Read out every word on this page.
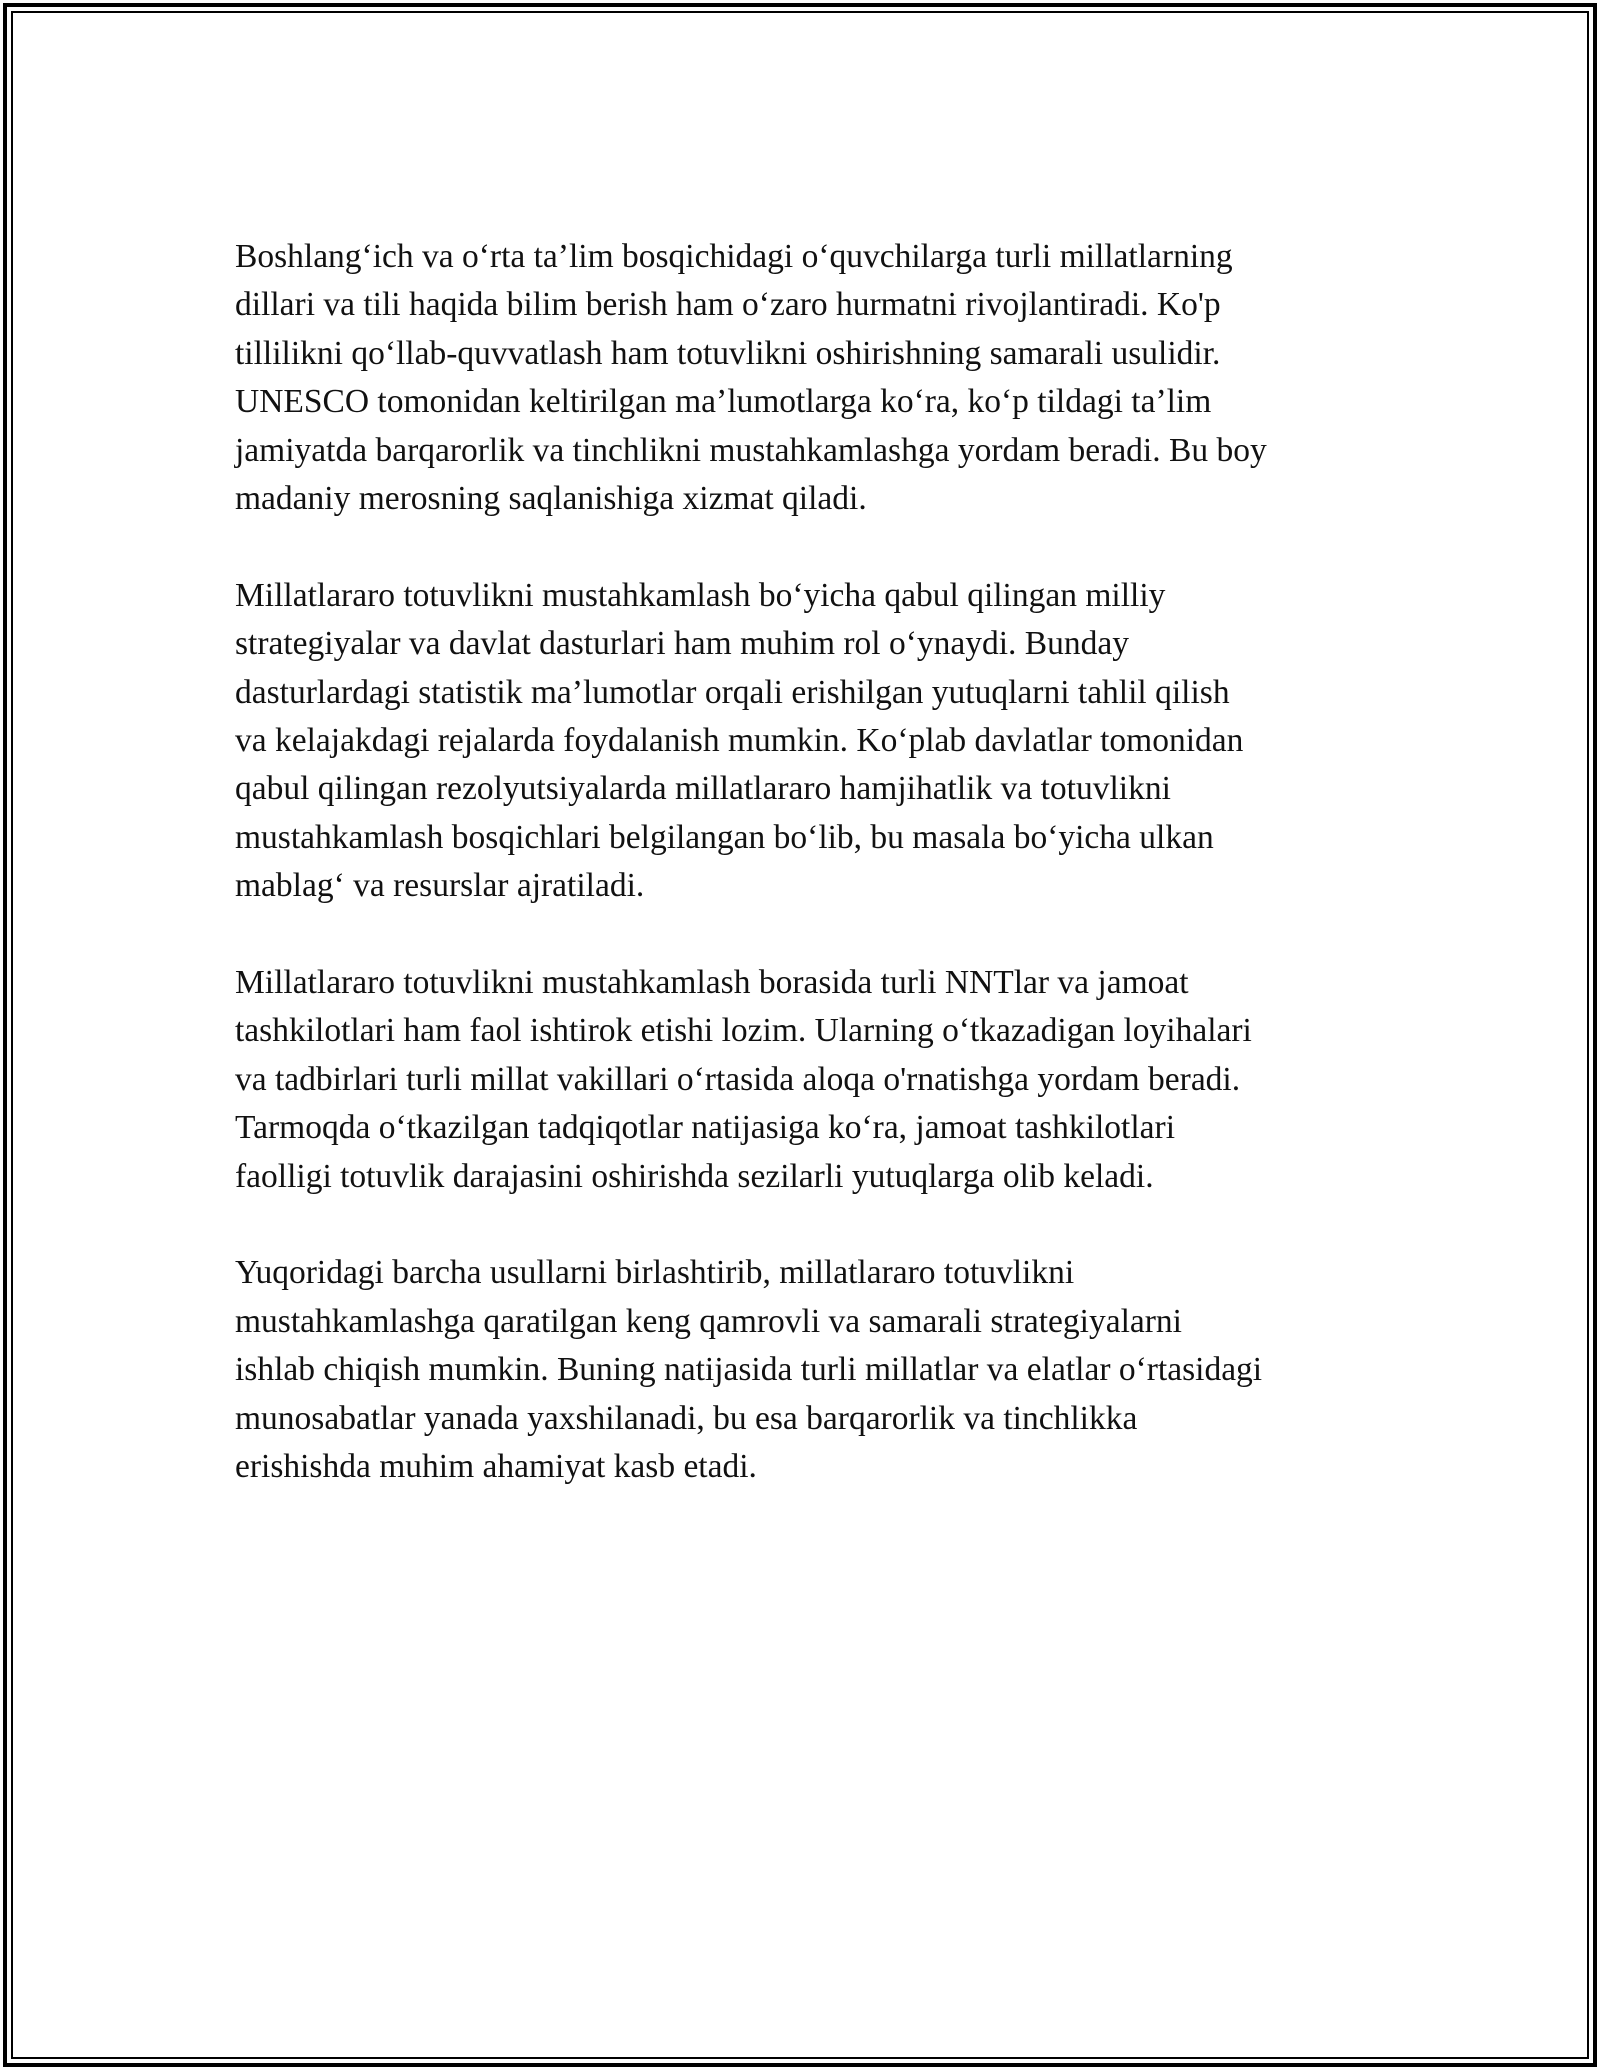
Boshlang‘ich va o‘rta ta’lim bosqichidagi o‘quvchilarga turli millatlarning
dillari va tili haqida bilim berish ham o‘zaro hurmatni rivojlantiradi. Ko'p
tillilikni qo‘llab-quvvatlash ham totuvlikni oshirishning samarali usulidir.
UNESCO tomonidan keltirilgan ma’lumotlarga ko‘ra, ko‘p tildagi ta’lim
jamiyatda barqarorlik va tinchlikni mustahkamlashga yordam beradi. Bu boy
madaniy merosning saqlanishiga xizmat qiladi.

Millatlararo totuvlikni mustahkamlash bo‘yicha qabul qilingan milliy
strategiyalar va davlat dasturlari ham muhim rol o‘ynaydi. Bunday
dasturlardagi statistik ma’lumotlar orqali erishilgan yutuqlarni tahlil qilish
va kelajakdagi rejalarda foydalanish mumkin. Ko‘plab davlatlar tomonidan
qabul qilingan rezolyutsiyalarda millatlararo hamjihatlik va totuvlikni
mustahkamlash bosqichlari belgilangan bo‘lib, bu masala bo‘yicha ulkan
mablag‘ va resurslar ajratiladi.

Millatlararo totuvlikni mustahkamlash borasida turli NNTlar va jamoat
tashkilotlari ham faol ishtirok etishi lozim. Ularning o‘tkazadigan loyihalari
va tadbirlari turli millat vakillari o‘rtasida aloqa o'rnatishga yordam beradi.
Tarmoqda o‘tkazilgan tadqiqotlar natijasiga ko‘ra, jamoat tashkilotlari
faolligi totuvlik darajasini oshirishda sezilarli yutuqlarga olib keladi.

Yuqoridagi barcha usullarni birlashtirib, millatlararo totuvlikni
mustahkamlashga qaratilgan keng qamrovli va samarali strategiyalarni
ishlab chiqish mumkin. Buning natijasida turli millatlar va elatlar o‘rtasidagi
munosabatlar yanada yaxshilanadi, bu esa barqarorlik va tinchlikka
erishishda muhim ahamiyat kasb etadi.
